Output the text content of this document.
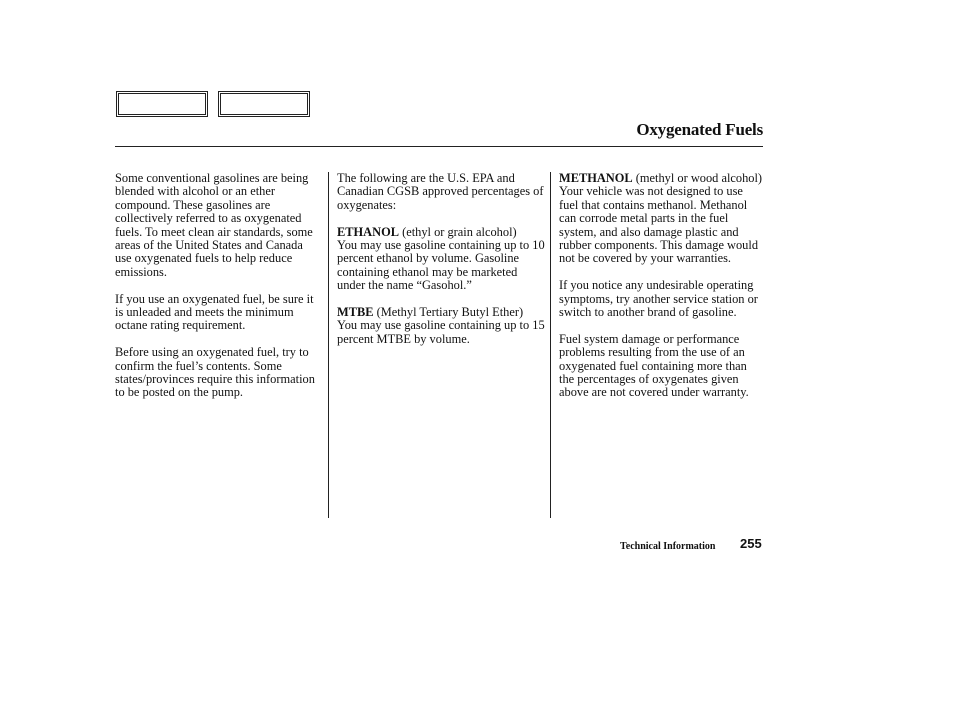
Oxygenated Fuels

Some conventional gasolines are being blended with alcohol or an ether compound. These gasolines are collectively referred to as oxygenated fuels. To meet clean air standards, some areas of the United States and Canada use oxygenated fuels to help reduce emissions.

If you use an oxygenated fuel, be sure it is unleaded and meets the minimum octane rating requirement.

Before using an oxygenated fuel, try to confirm the fuel’s contents. Some states/provinces require this information to be posted on the pump.

The following are the U.S. EPA and Canadian CGSB approved percentages of oxygenates:

ETHANOL (ethyl or grain alcohol)
You may use gasoline containing up to 10 percent ethanol by volume. Gasoline containing ethanol may be marketed under the name “Gasohol.”

MTBE (Methyl Tertiary Butyl Ether)
You may use gasoline containing up to 15 percent MTBE by volume.

METHANOL (methyl or wood alcohol)
Your vehicle was not designed to use fuel that contains methanol. Methanol can corrode metal parts in the fuel system, and also damage plastic and rubber components. This damage would not be covered by your warranties.

If you notice any undesirable operating symptoms, try another service station or switch to another brand of gasoline.

Fuel system damage or performance problems resulting from the use of an oxygenated fuel containing more than the percentages of oxygenates given above are not covered under warranty.

Technical Information 255
